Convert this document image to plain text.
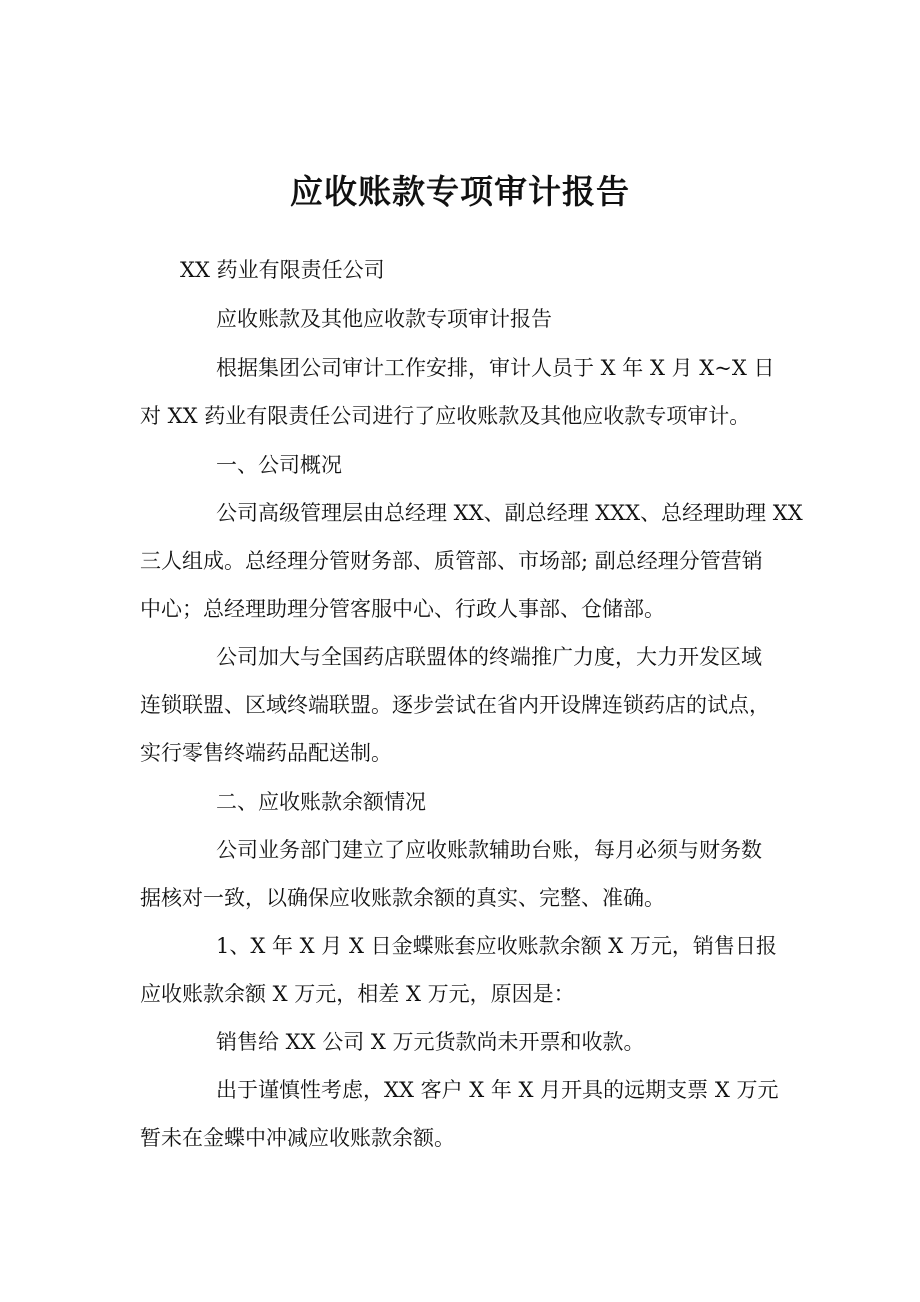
应收账款专项审计报告
XX 药业有限责任公司
应收账款及其他应收款专项审计报告
根据集团公司审计工作安排，审计人员于 X 年 X 月 X~X 日
对 XX 药业有限责任公司进行了应收账款及其他应收款专项审计。
一、公司概况
公司高级管理层由总经理 XX、副总经理 XXX、总经理助理 XX
三人组成。总经理分管财务部、质管部、市场部; 副总经理分管营销
中心；总经理助理分管客服中心、行政人事部、仓储部。
公司加大与全国药店联盟体的终端推广力度，大力开发区域
连锁联盟、区域终端联盟。逐步尝试在省内开设牌连锁药店的试点，
实行零售终端药品配送制。
二、应收账款余额情况
公司业务部门建立了应收账款辅助台账，每月必须与财务数
据核对一致，以确保应收账款余额的真实、完整、准确。
1、X 年 X 月 X 日金蝶账套应收账款余额 X 万元，销售日报
应收账款余额 X 万元，相差 X 万元，原因是：
销售给 XX 公司 X 万元货款尚未开票和收款。
出于谨慎性考虑，XX 客户 X 年 X 月开具的远期支票 X 万元
暂未在金蝶中冲减应收账款余额。
